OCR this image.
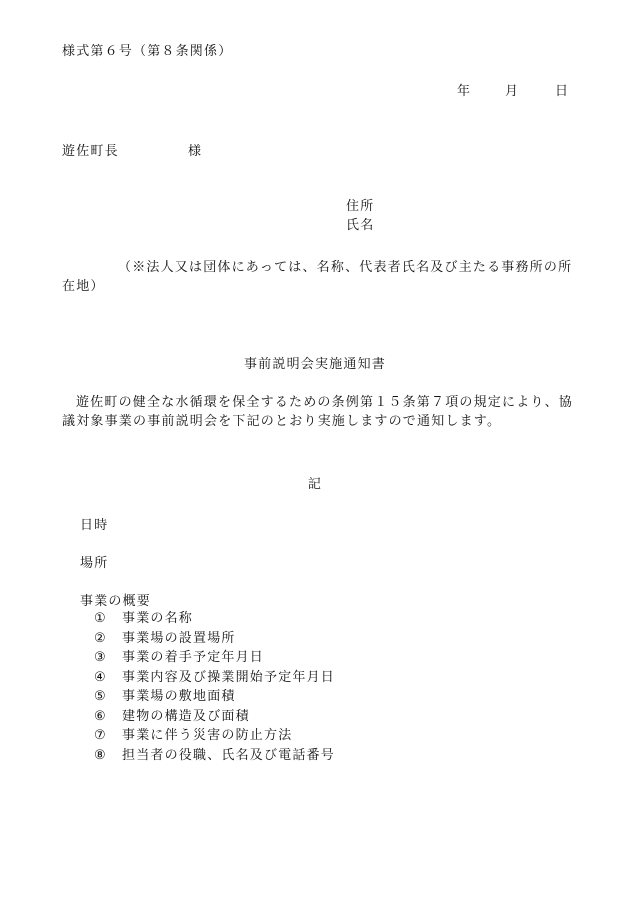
様式第６号（第８条関係）
年	月	日
遊佐町長	様
住所
氏名
（※法人又は団体にあっては、名称、代表者氏名及び主たる事務所の所在地）
事前説明会実施通知書
遊佐町の健全な水循環を保全するための条例第１５条第７項の規定により、協議対象事業の事前説明会を下記のとおり実施しますので通知します。
記
日時
場所
事業の概要
① 事業の名称
② 事業場の設置場所
③ 事業の着手予定年月日
④ 事業内容及び操業開始予定年月日
⑤ 事業場の敷地面積
⑥ 建物の構造及び面積
⑦ 事業に伴う災害の防止方法
⑧ 担当者の役職、氏名及び電話番号
